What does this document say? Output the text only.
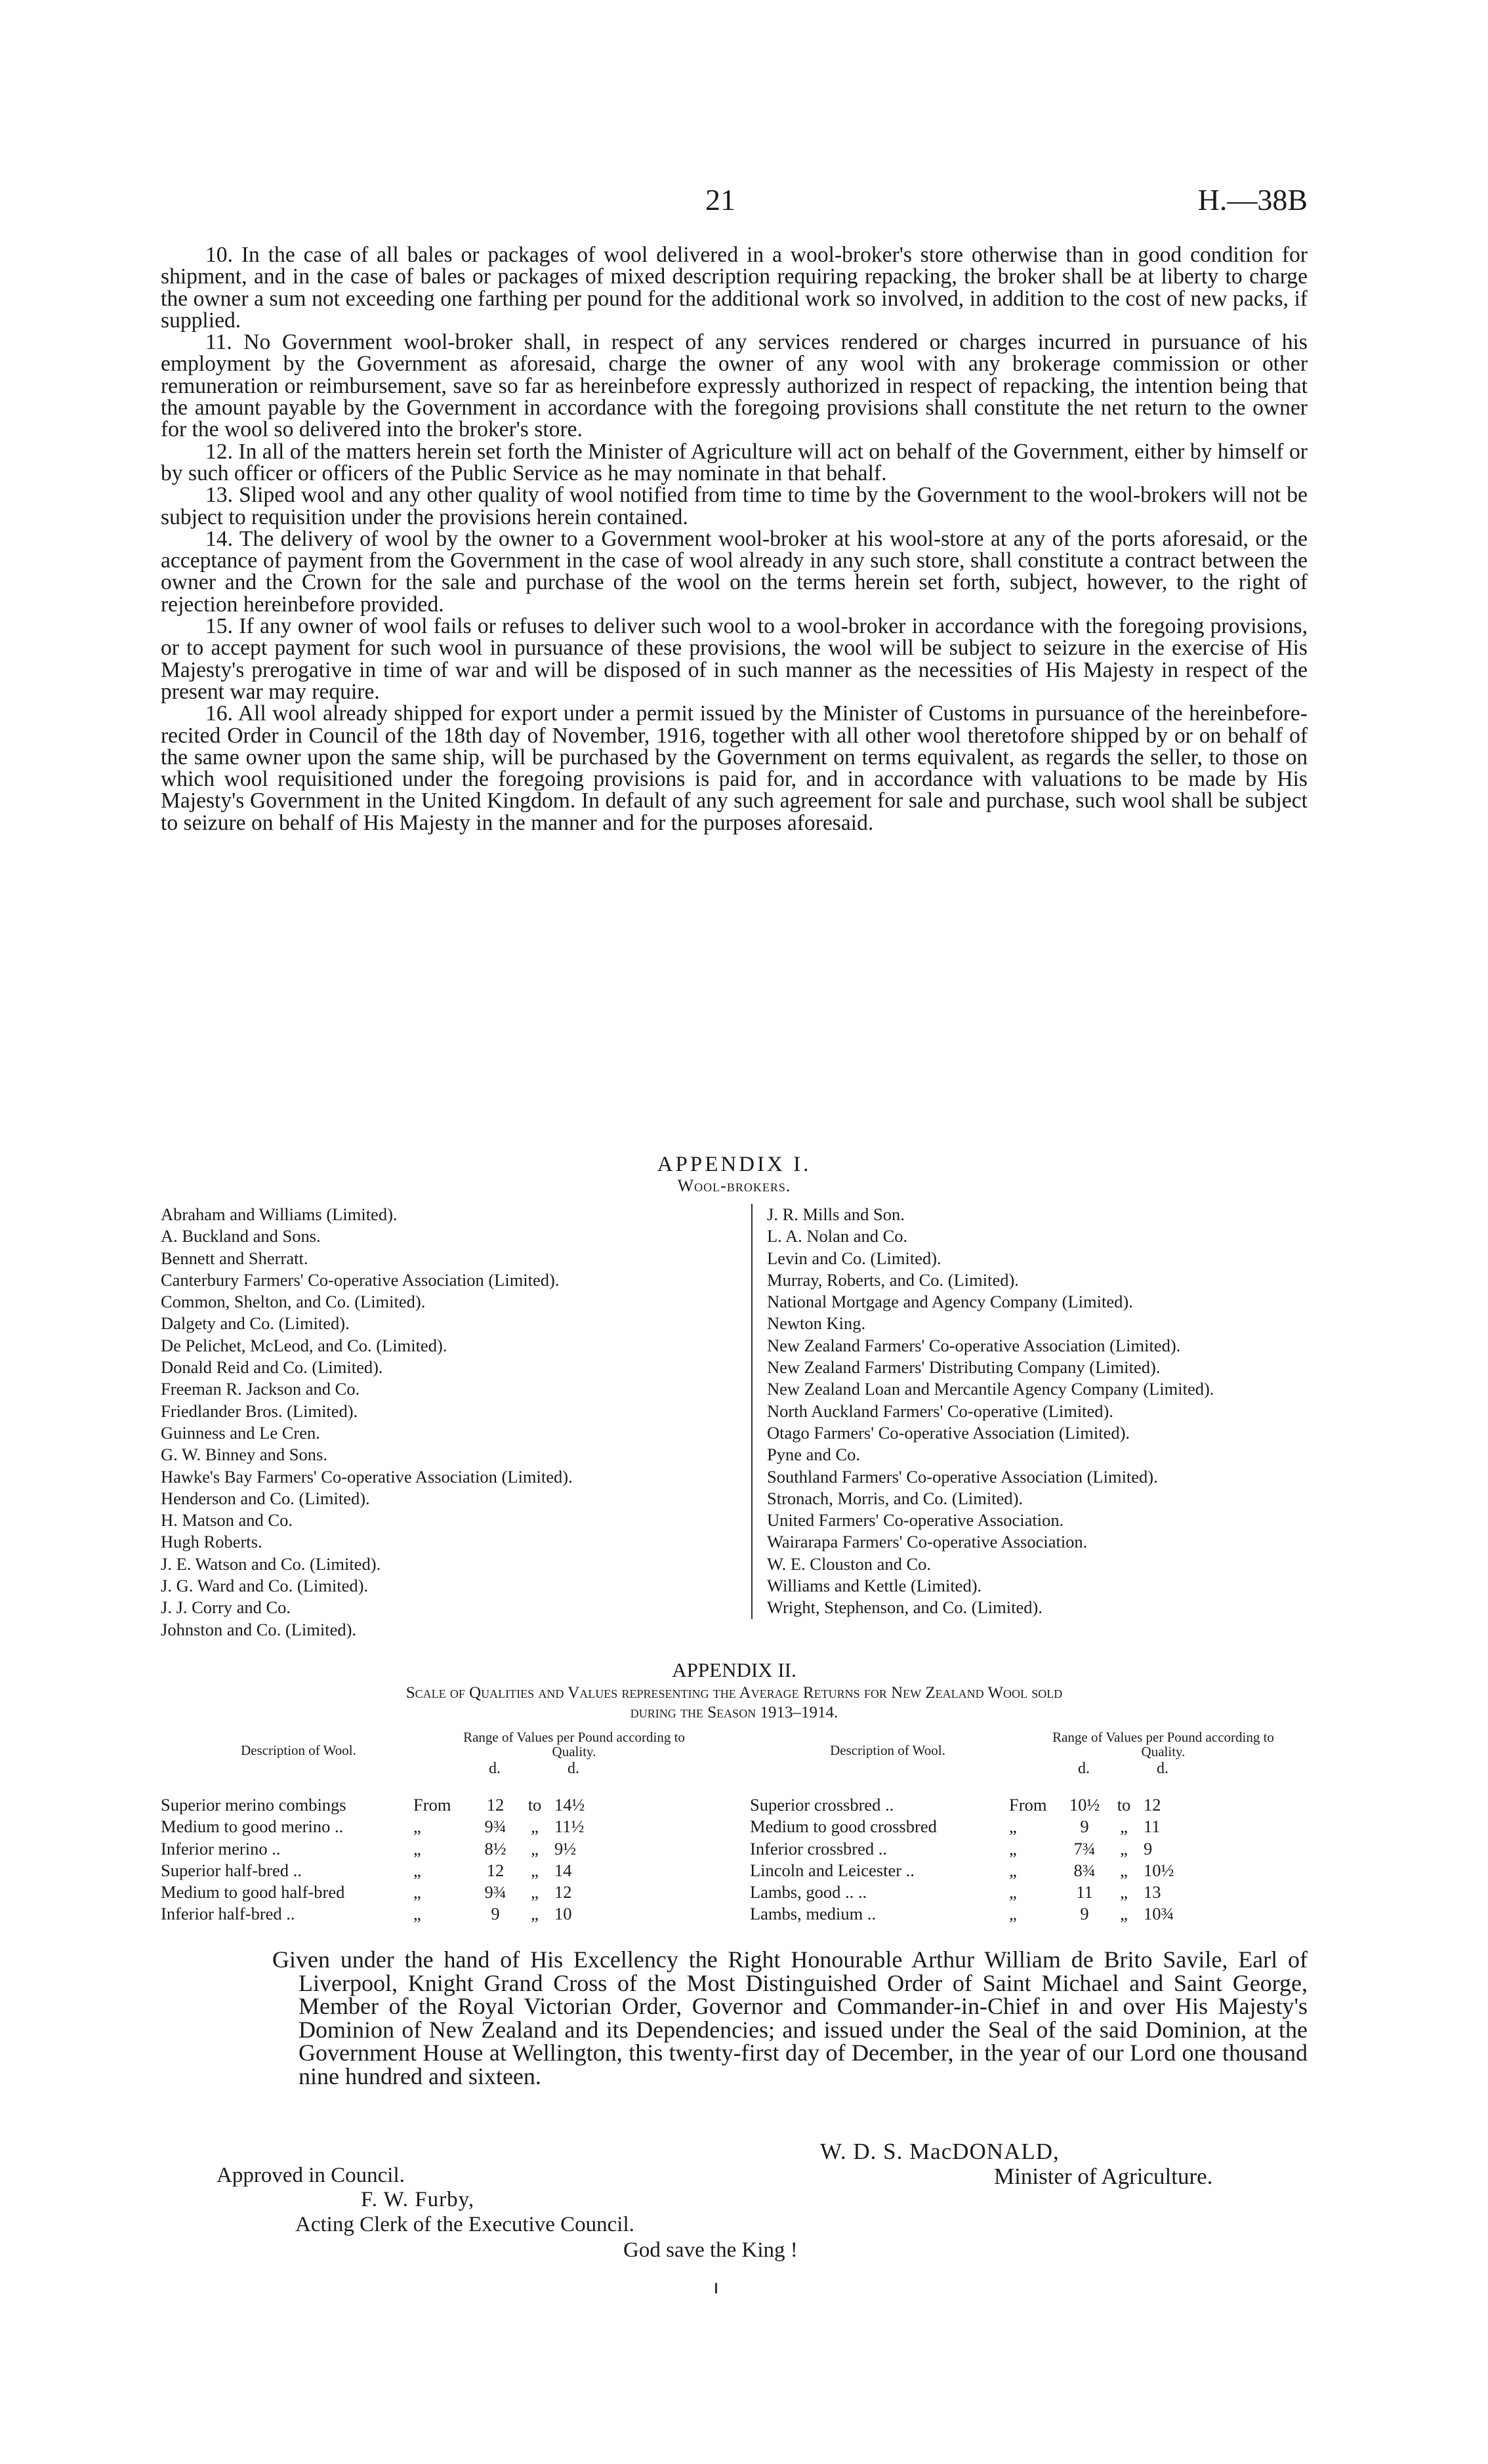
21	H.—38B

10. In the case of all bales or packages of wool delivered in a wool-broker's store otherwise than in good condition for shipment, and in the case of bales or packages of mixed description requiring repacking, the broker shall be at liberty to charge the owner a sum not exceeding one farthing per pound for the additional work so involved, in addition to the cost of new packs, if supplied.

11. No Government wool-broker shall, in respect of any services rendered or charges incurred in pursuance of his employment by the Government as aforesaid, charge the owner of any wool with any brokerage commission or other remuneration or reimbursement, save so far as hereinbefore expressly authorized in respect of repacking, the intention being that the amount payable by the Government in accordance with the foregoing provisions shall constitute the net return to the owner for the wool so delivered into the broker's store.

12. In all of the matters herein set forth the Minister of Agriculture will act on behalf of the Government, either by himself or by such officer or officers of the Public Service as he may nominate in that behalf.

13. Sliped wool and any other quality of wool notified from time to time by the Government to the wool-brokers will not be subject to requisition under the provisions herein contained.

14. The delivery of wool by the owner to a Government wool-broker at his wool-store at any of the ports aforesaid, or the acceptance of payment from the Government in the case of wool already in any such store, shall constitute a contract between the owner and the Crown for the sale and purchase of the wool on the terms herein set forth, subject, however, to the right of rejection hereinbefore provided.

15. If any owner of wool fails or refuses to deliver such wool to a wool-broker in accordance with the foregoing provisions, or to accept payment for such wool in pursuance of these provisions, the wool will be subject to seizure in the exercise of His Majesty's prerogative in time of war and will be disposed of in such manner as the necessities of His Majesty in respect of the present war may require.

16. All wool already shipped for export under a permit issued by the Minister of Customs in pursuance of the hereinbefore-recited Order in Council of the 18th day of November, 1916, together with all other wool theretofore shipped by or on behalf of the same owner upon the same ship, will be purchased by the Government on terms equivalent, as regards the seller, to those on which wool requisitioned under the foregoing provisions is paid for, and in accordance with valuations to be made by His Majesty's Government in the United Kingdom. In default of any such agreement for sale and purchase, such wool shall be subject to seizure on behalf of His Majesty in the manner and for the purposes aforesaid.

APPENDIX I.
Wool-brokers.
Abraham and Williams (Limited).
A. Buckland and Sons.
Bennett and Sherratt.
Canterbury Farmers' Co-operative Association (Limited).
Common, Shelton, and Co. (Limited).
Dalgety and Co. (Limited).
De Pelichet, McLeod, and Co. (Limited).
Donald Reid and Co. (Limited).
Freeman R. Jackson and Co.
Friedlander Bros. (Limited).
Guinness and Le Cren.
G. W. Binney and Sons.
Hawke's Bay Farmers' Co-operative Association (Limited).
Henderson and Co. (Limited).
H. Matson and Co.
Hugh Roberts.
J. E. Watson and Co. (Limited).
J. G. Ward and Co. (Limited).
J. J. Corry and Co.
Johnston and Co. (Limited).
J. R. Mills and Son.
L. A. Nolan and Co.
Levin and Co. (Limited).
Murray, Roberts, and Co. (Limited).
National Mortgage and Agency Company (Limited).
Newton King.
New Zealand Farmers' Co-operative Association (Limited).
New Zealand Farmers' Distributing Company (Limited).
New Zealand Loan and Mercantile Agency Company (Limited).
North Auckland Farmers' Co-operative (Limited).
Otago Farmers' Co-operative Association (Limited).
Pyne and Co.
Southland Farmers' Co-operative Association (Limited).
Stronach, Morris, and Co. (Limited).
United Farmers' Co-operative Association.
Wairarapa Farmers' Co-operative Association.
W. E. Clouston and Co.
Williams and Kettle (Limited).
Wright, Stephenson, and Co. (Limited).
APPENDIX II.
Scale of Qualities and Values representing the Average Returns for New Zealand Wool sold
during the Season 1913–1914.
Description of Wool.
Range of Values per Pound according to Quality.
d.	d.
Superior merino combings	From	12	to 14½
Medium to good merino ..	„	9¾	„ 11½
Inferior merino ..	„	8½	„ 9½
Superior half-bred ..	„	12	„ 14
Medium to good half-bred	„	9¾	„ 12
Inferior half-bred ..	„	9	„ 10
Description of Wool.
Range of Values per Pound according to Quality.
d.	d.
Superior crossbred ..	From	10½	to 12
Medium to good crossbred	„	9	„ 11
Inferior crossbred ..	„	7¾	„ 9
Lincoln and Leicester ..	„	8¾	„ 10½
Lambs, good .. ..	„	11	„ 13
Lambs, medium ..	„	9	„ 10¾
Given under the hand of His Excellency the Right Honourable Arthur William de Brito Savile, Earl of Liverpool, Knight Grand Cross of the Most Distinguished Order of Saint Michael and Saint George, Member of the Royal Victorian Order, Governor and Commander-in-Chief in and over His Majesty's Dominion of New Zealand and its Dependencies; and issued under the Seal of the said Dominion, at the Government House at Wellington, this twenty-first day of December, in the year of our Lord one thousand nine hundred and sixteen.
W. D. S. MacDONALD,
Approved in Council.	Minister of Agriculture.
F. W. Furby,
Acting Clerk of the Executive Council.
God save the King !
